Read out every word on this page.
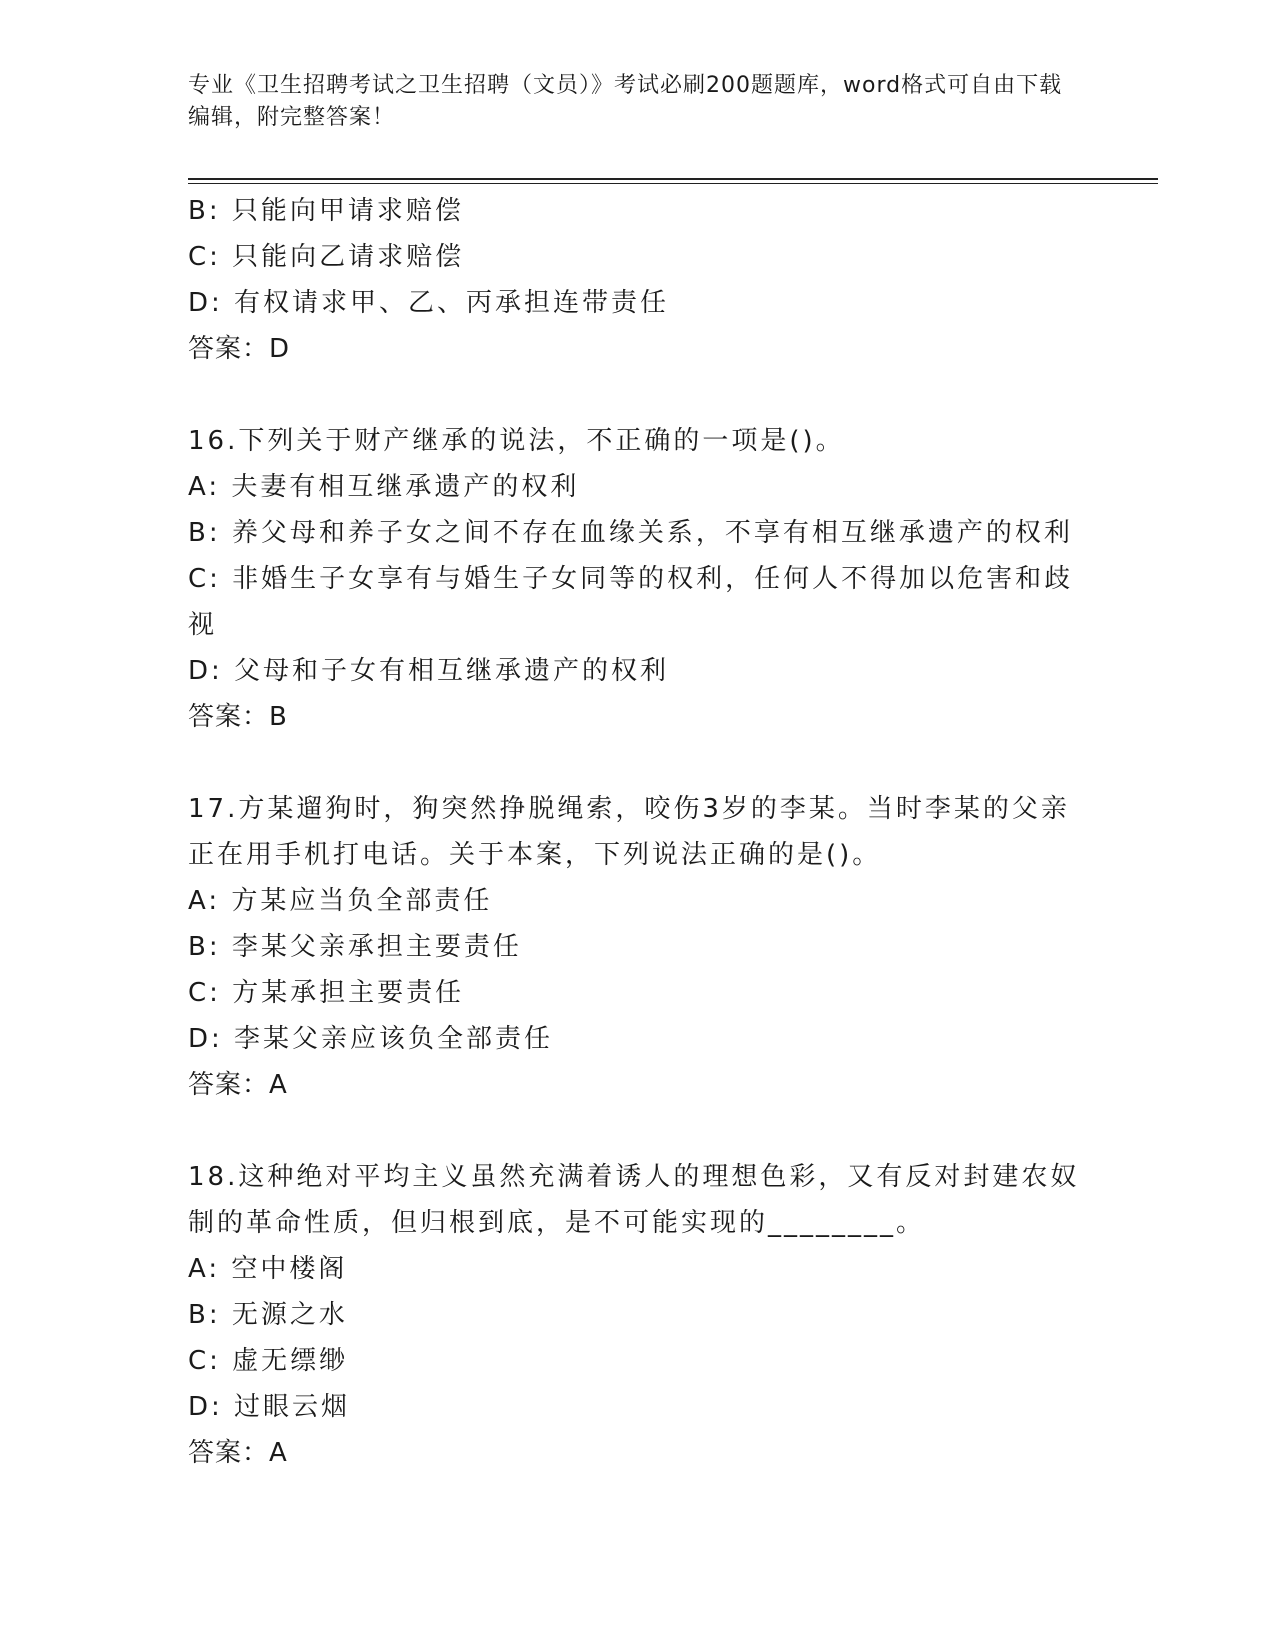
专业《卫生招聘考试之卫生招聘（文员）》考试必刷200题题库，word格式可自由下载编辑，附完整答案！
B: 只能向甲请求赔偿
C: 只能向乙请求赔偿
D: 有权请求甲、乙、丙承担连带责任
答案：D
16.下列关于财产继承的说法，不正确的一项是()。
A: 夫妻有相互继承遗产的权利
B: 养父母和养子女之间不存在血缘关系，不享有相互继承遗产的权利
C: 非婚生子女享有与婚生子女同等的权利，任何人不得加以危害和歧
视
D: 父母和子女有相互继承遗产的权利
答案：B
17.方某遛狗时，狗突然挣脱绳索，咬伤3岁的李某。当时李某的父亲
正在用手机打电话。关于本案，下列说法正确的是()。
A: 方某应当负全部责任
B: 李某父亲承担主要责任
C: 方某承担主要责任
D: 李某父亲应该负全部责任
答案：A
18.这种绝对平均主义虽然充满着诱人的理想色彩，又有反对封建农奴
制的革命性质，但归根到底，是不可能实现的________。
A: 空中楼阁
B: 无源之水
C: 虚无缥缈
D: 过眼云烟
答案：A
